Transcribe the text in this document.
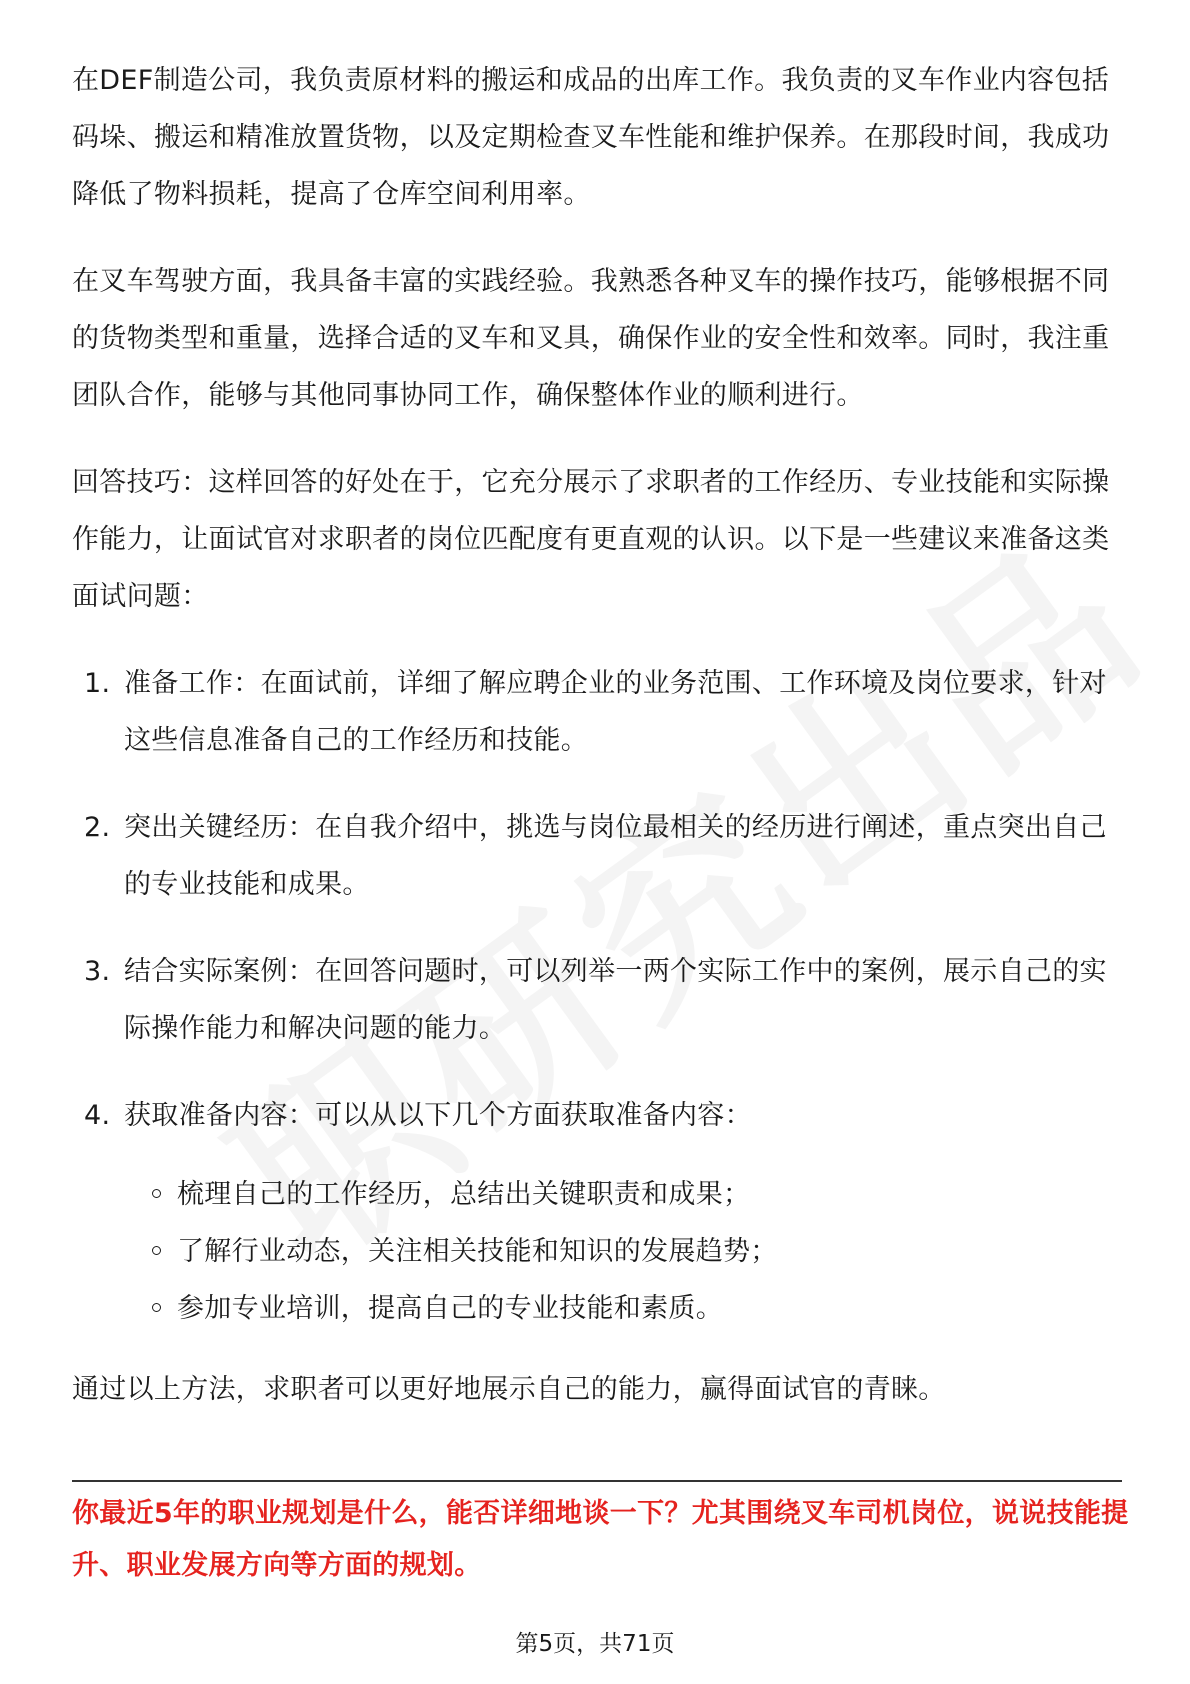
在DEF制造公司，我负责原材料的搬运和成品的出库工作。我负责的叉车作业内容包括码垛、搬运和精准放置货物，以及定期检查叉车性能和维护保养。在那段时间，我成功降低了物料损耗，提高了仓库空间利用率。

在叉车驾驶方面，我具备丰富的实践经验。我熟悉各种叉车的操作技巧，能够根据不同的货物类型和重量，选择合适的叉车和叉具，确保作业的安全性和效率。同时，我注重团队合作，能够与其他同事协同工作，确保整体作业的顺利进行。

回答技巧：这样回答的好处在于，它充分展示了求职者的工作经历、专业技能和实际操作能力，让面试官对求职者的岗位匹配度有更直观的认识。以下是一些建议来准备这类面试问题：

1. 准备工作：在面试前，详细了解应聘企业的业务范围、工作环境及岗位要求，针对这些信息准备自己的工作经历和技能。
2. 突出关键经历：在自我介绍中，挑选与岗位最相关的经历进行阐述，重点突出自己的专业技能和成果。
3. 结合实际案例：在回答问题时，可以列举一两个实际工作中的案例，展示自己的实际操作能力和解决问题的能力。
4. 获取准备内容：可以从以下几个方面获取准备内容：
梳理自己的工作经历，总结出关键职责和成果；
了解行业动态，关注相关技能和知识的发展趋势；
参加专业培训，提高自己的专业技能和素质。

通过以上方法，求职者可以更好地展示自己的能力，赢得面试官的青睐。

你最近5年的职业规划是什么，能否详细地谈一下？尤其围绕叉车司机岗位，说说技能提升、职业发展方向等方面的规划。
第5页，共71页
